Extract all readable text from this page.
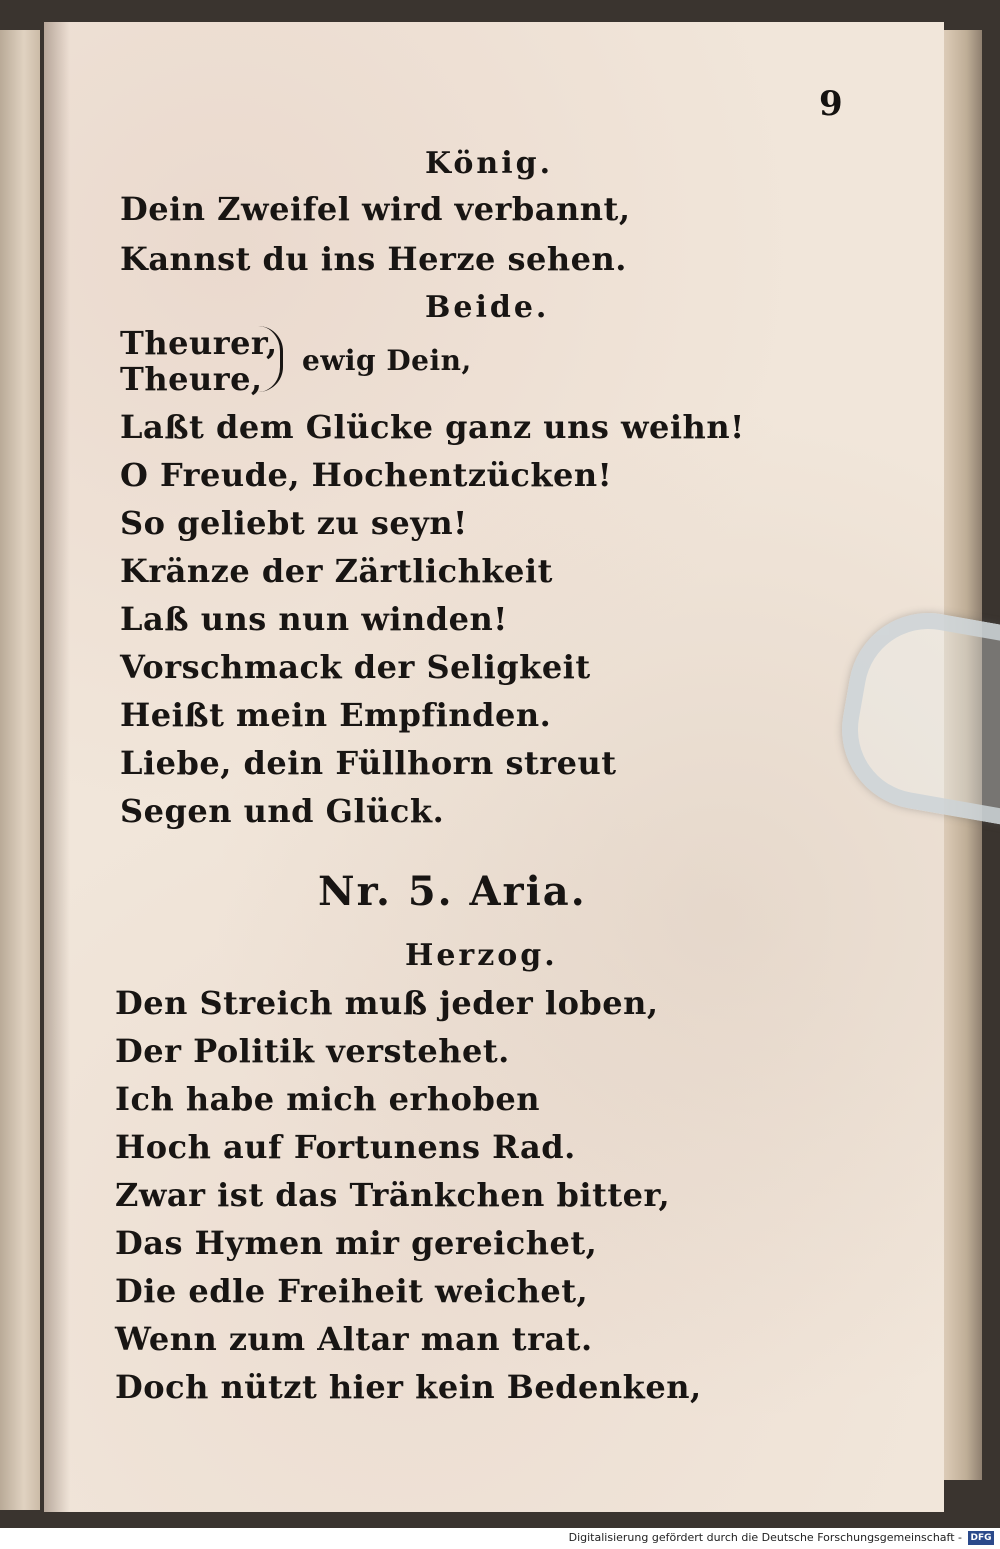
9
König.
Dein Zweifel wird verbannt,
Kannst du ins Herze sehen.
Beide.
Theurer,
Theure, ewig Dein,
Laßt dem Glücke ganz uns weihn!
O Freude, Hochentzücken!
So geliebt zu seyn!
Kränze der Zärtlichkeit
Laß uns nun winden!
Vorschmack der Seligkeit
Heißt mein Empfinden.
Liebe, dein Füllhorn streut
Segen und Glück.
Nr. 5. Aria.
Herzog.
Den Streich muß jeder loben,
Der Politik verstehet.
Ich habe mich erhoben
Hoch auf Fortunens Rad.
Zwar ist das Tränkchen bitter,
Das Hymen mir gereichet,
Die edle Freiheit weichet,
Wenn zum Altar man trat.
Doch nützt hier kein Bedenken,
Digitalisierung gefördert durch die Deutsche Forschungsgemeinschaft - DFG
